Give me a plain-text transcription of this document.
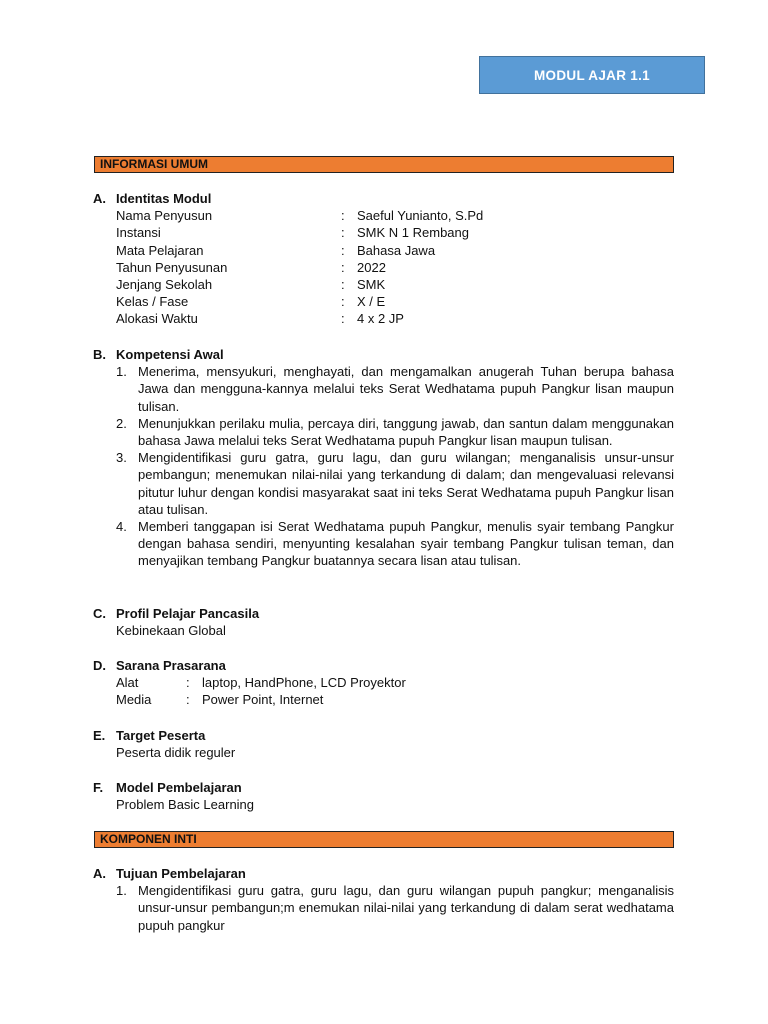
MODUL AJAR 1.1
INFORMASI UMUM
A. Identitas Modul
Nama Penyusun	: Saeful Yunianto, S.Pd
Instansi	: SMK N 1 Rembang
Mata Pelajaran	: Bahasa Jawa
Tahun Penyusunan	: 2022
Jenjang Sekolah	: SMK
Kelas / Fase	: X / E
Alokasi Waktu	: 4 x 2 JP
B. Kompetensi Awal
1. Menerima, mensyukuri, menghayati, dan mengamalkan anugerah Tuhan berupa bahasa Jawa dan mengguna-kannya melalui teks Serat Wedhatama pupuh Pangkur lisan maupun tulisan.
2. Menunjukkan perilaku mulia, percaya diri, tanggung jawab, dan santun dalam menggunakan bahasa Jawa melalui teks Serat Wedhatama pupuh Pangkur lisan maupun tulisan.
3. Mengidentifikasi guru gatra, guru lagu, dan guru wilangan; menganalisis unsur-unsur pembangun; menemukan nilai-nilai yang terkandung di dalam; dan mengevaluasi relevansi pitutur luhur dengan kondisi masyarakat saat ini teks Serat Wedhatama pupuh Pangkur lisan atau tulisan.
4. Memberi tanggapan isi Serat Wedhatama pupuh Pangkur, menulis syair tembang Pangkur dengan bahasa sendiri, menyunting kesalahan syair tembang Pangkur tulisan teman, dan menyajikan tembang Pangkur buatannya secara lisan atau tulisan.
C. Profil Pelajar Pancasila
Kebinekaan Global
D. Sarana Prasarana
Alat	: laptop, HandPhone, LCD Proyektor
Media	: Power Point, Internet
E. Target Peserta
Peserta didik reguler
F. Model Pembelajaran
Problem Basic Learning
KOMPONEN INTI
A. Tujuan Pembelajaran
1. Mengidentifikasi guru gatra, guru lagu, dan guru wilangan pupuh pangkur; menganalisis unsur-unsur pembangun;m enemukan nilai-nilai yang terkandung di dalam serat wedhatama pupuh pangkur
